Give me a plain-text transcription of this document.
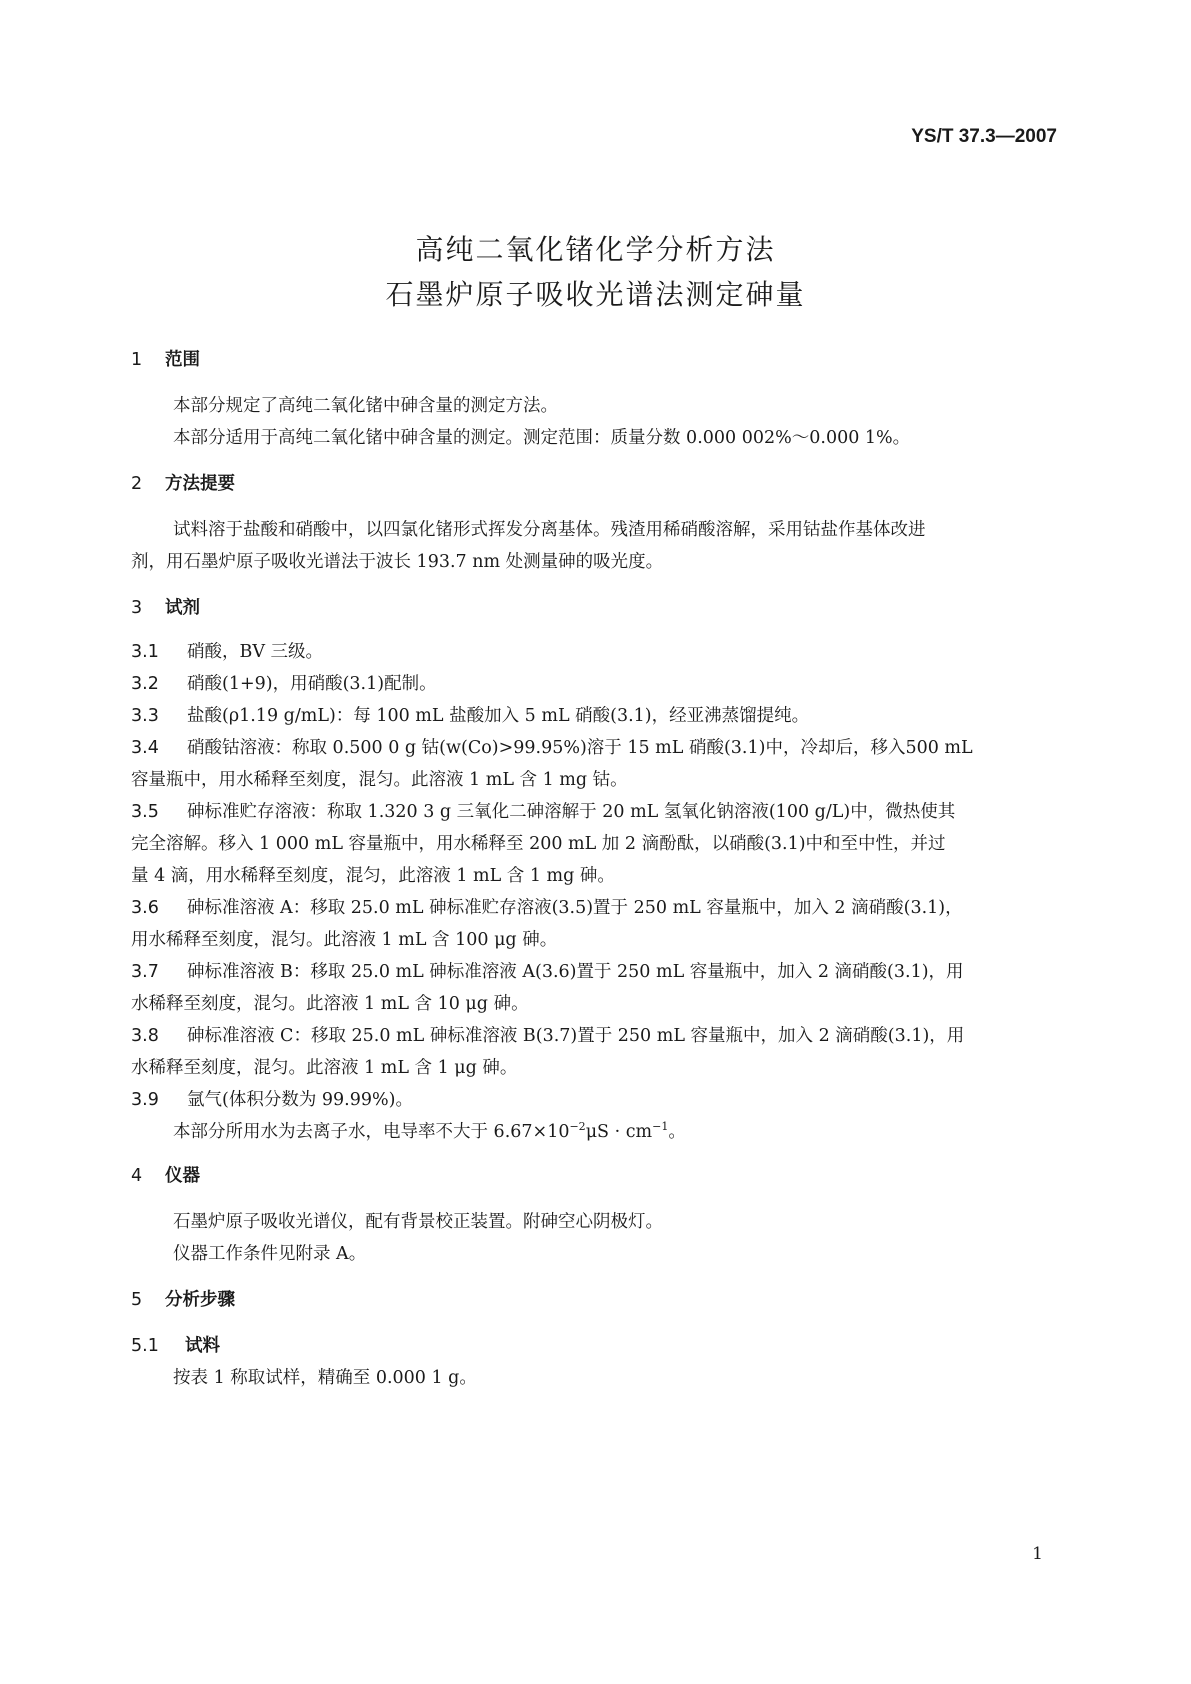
YS/T 37.3—2007
高纯二氧化锗化学分析方法
石墨炉原子吸收光谱法测定砷量
1 范围
本部分规定了高纯二氧化锗中砷含量的测定方法。
本部分适用于高纯二氧化锗中砷含量的测定。测定范围：质量分数 0.000 002%～0.000 1%。
2 方法提要
试料溶于盐酸和硝酸中，以四氯化锗形式挥发分离基体。残渣用稀硝酸溶解，采用钴盐作基体改进
剂，用石墨炉原子吸收光谱法于波长 193.7 nm 处测量砷的吸光度。
3 试剂
3.1 硝酸，BV 三级。
3.2 硝酸(1+9)，用硝酸(3.1)配制。
3.3 盐酸(ρ1.19 g/mL)：每 100 mL 盐酸加入 5 mL 硝酸(3.1)，经亚沸蒸馏提纯。
3.4 硝酸钴溶液：称取 0.500 0 g 钴(w(Co)>99.95%)溶于 15 mL 硝酸(3.1)中，冷却后，移入500 mL
容量瓶中，用水稀释至刻度，混匀。此溶液 1 mL 含 1 mg 钴。
3.5 砷标准贮存溶液：称取 1.320 3 g 三氧化二砷溶解于 20 mL 氢氧化钠溶液(100 g/L)中，微热使其
完全溶解。移入 1 000 mL 容量瓶中，用水稀释至 200 mL 加 2 滴酚酞，以硝酸(3.1)中和至中性，并过
量 4 滴，用水稀释至刻度，混匀，此溶液 1 mL 含 1 mg 砷。
3.6 砷标准溶液 A：移取 25.0 mL 砷标准贮存溶液(3.5)置于 250 mL 容量瓶中，加入 2 滴硝酸(3.1)，
用水稀释至刻度，混匀。此溶液 1 mL 含 100 μg 砷。
3.7 砷标准溶液 B：移取 25.0 mL 砷标准溶液 A(3.6)置于 250 mL 容量瓶中，加入 2 滴硝酸(3.1)，用
水稀释至刻度，混匀。此溶液 1 mL 含 10 μg 砷。
3.8 砷标准溶液 C：移取 25.0 mL 砷标准溶液 B(3.7)置于 250 mL 容量瓶中，加入 2 滴硝酸(3.1)，用
水稀释至刻度，混匀。此溶液 1 mL 含 1 μg 砷。
3.9 氩气(体积分数为 99.99%)。
本部分所用水为去离子水，电导率不大于 $6.67\times 10^{-2}\mu S \cdot cm^{-1}$。
4 仪器
石墨炉原子吸收光谱仪，配有背景校正装置。附砷空心阴极灯。
仪器工作条件见附录 A。
5 分析步骤
5.1 试料
按表 1 称取试样，精确至 0.000 1 g。
1
